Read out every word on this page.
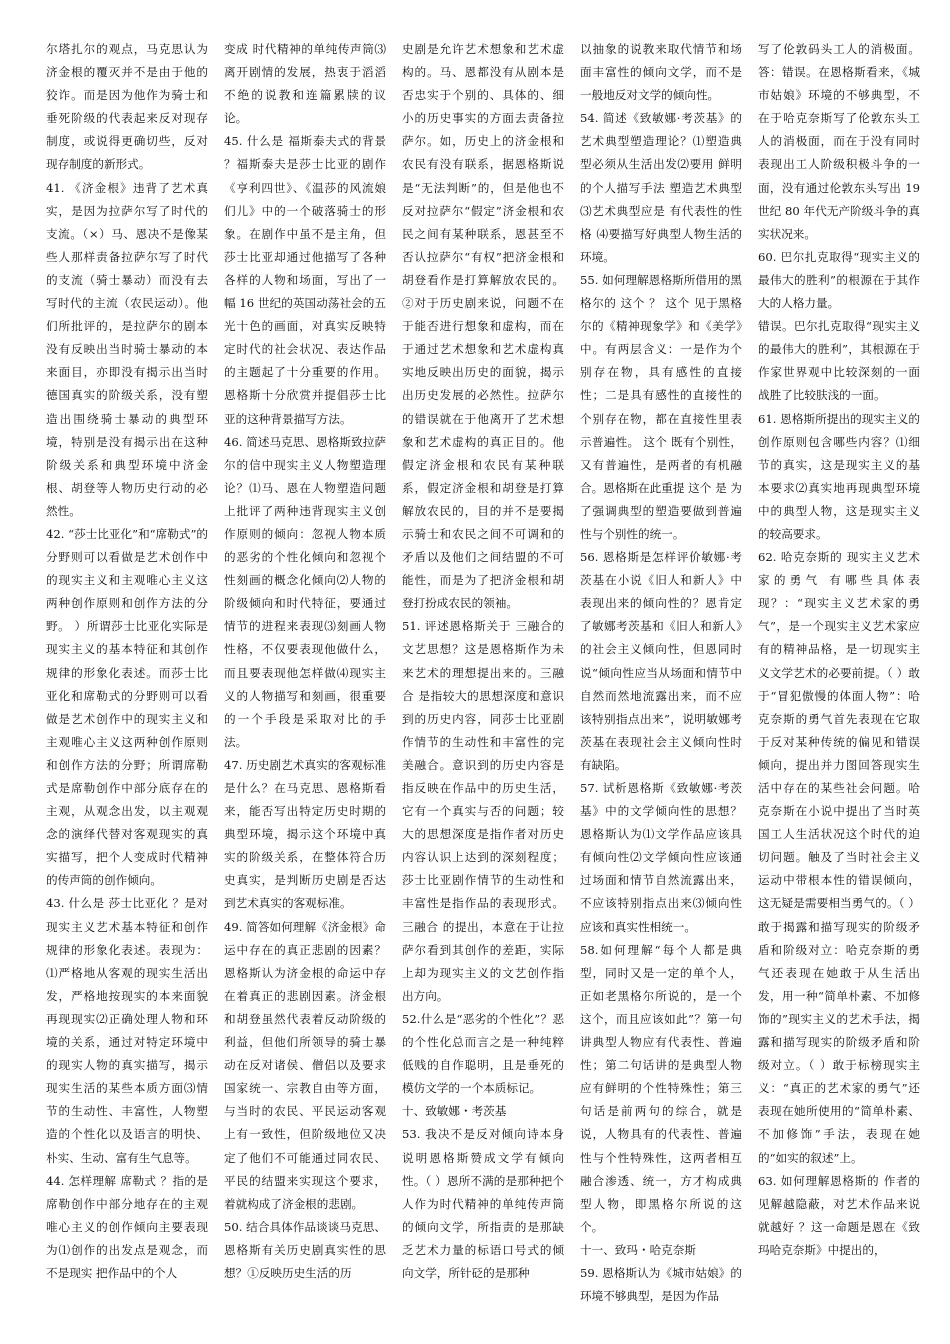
尔塔扎尔的观点，马克思认为济金根的覆灭并不是由于他的狡诈。而是因为他作为骑士和垂死阶级的代表起来反对现存制度，或说得更确切些，反对现存制度的新形式。

41. 《济金根》违背了艺术真实，是因为拉萨尔写了时代的支流。（×）马、恩决不是像某些人那样责备拉萨尔写了时代的支流（骑士暴动）而没有去写时代的主流（农民运动）。他们所批评的，是拉萨尔的剧本没有反映出当时骑士暴动的本来面目，亦即没有揭示出当时德国真实的阶级关系，没有塑造出围绕骑士暴动的典型环境，特别是没有揭示出在这种阶级关系和典型环境中济金根、胡登等人物历史行动的必然性。

42. “莎士比亚化”和“席勒式”的分野则可以看做是艺术创作中的现实主义和主观唯心主义这两种创作原则和创作方法的分野。 ）所谓莎士比亚化实际是现实主义的基本特征和其创作规律的形象化表述。而莎士比亚化和席勒式的分野则可以看做是艺术创作中的现实主义和主观唯心主义这两种创作原则和创作方法的分野；所谓席勒式是席勒创作中部分底存在的主观，从观念出发，以主观观念的演绎代替对客观现实的真实描写，把个人变成时代精神的传声筒的创作倾向。

43. 什么是 莎士比亚化 ？是对现实主义艺术基本特征和创作规律的形象化表述。表现为：⑴严格地从客观的现实生活出发，严格地按现实的本来面貌再现现实⑵正确处理人物和环境的关系，通过对特定环境中的现实人物的真实描写，揭示现实生活的某些本质方面⑶情节的生动性、丰富性，人物塑造的个性化以及语言的明快、朴实、生动、富有生气息等。

44. 怎样理解 席勒式 ？指的是席勒创作中部分地存在的主观唯心主义的创作倾向主要表现为⑴创作的出发点是观念，而不是现实 把作品中的个人

变成 时代精神的单纯传声筒⑶离开剧情的发展，热衷于滔滔不绝的说教和连篇累牍的议论。

45. 什么是 福斯泰夫式的背景 ？福斯泰夫是莎士比亚的剧作《亨利四世》、《温莎的风流娘们儿》中的一个破落骑士的形象。在剧作中虽不是主角，但莎士比亚却通过他描写了各种各样的人物和场面，写出了一幅 16 世纪的英国动荡社会的五光十色的画面，对真实反映特定时代的社会状况、表达作品的主题起了十分重要的作用。恩格斯十分欣赏并提倡莎士比亚的这种背景描写方法。

46. 简述马克思、恩格斯致拉萨尔的信中现实主义人物塑造理论？⑴马、恩在人物塑造问题上批评了两种违背现实主义创作原则的倾向：忽视人物本质的恶劣的个性化倾向和忽视个性刻画的概念化倾向⑵人物的阶级倾向和时代特征，要通过情节的进程来表现⑶刻画人物性格，不仅要表现他做什么，而且要表现他怎样做⑷现实主义的人物描写和刻画，很重要的一个手段是采取对比的手法。

47. 历史剧艺术真实的客观标准是什么？在马克思、恩格斯看来，能否写出特定历史时期的典型环境，揭示这个环境中真实的阶级关系，在整体符合历史真实，是判断历史剧是否达到艺术真实的客观标准。

49. 简答如何理解《济金根》命运中存在的真正悲剧的因素？恩格斯认为济金根的命运中存在着真正的悲剧因素。济金根和胡登虽然代表着反动阶级的利益，但他们所领导的骑士暴动在反对诸侯、僧侣以及要求国家统一、宗教自由等方面，与当时的农民、平民运动客观上有一致性，但阶级地位又决定了他们不可能通过同农民、平民的结盟来实现这个要求，着就构成了济金根的悲剧。

50. 结合具体作品谈谈马克思、恩格斯有关历史剧真实性的思想？①反映历史生活的历

史剧是允许艺术想象和艺术虚构的。马、恩都没有从剧本是否忠实于个别的、具体的、细小的历史事实的方面去责备拉萨尔。如，历史上的济金根和农民有没有联系，据恩格斯说是“无法判断”的，但是他也不反对拉萨尔“假定”济金根和农民之间有某种联系，恩甚至不否认拉萨尔“有权”把济金根和胡登看作是打算解放农民的。②对于历史剧来说，问题不在于能否进行想象和虚构，而在于通过艺术想象和艺术虚构真实地反映出历史的面貌，揭示出历史发展的必然性。拉萨尔的错误就在于他离开了艺术想象和艺术虚构的真正目的。他假定济金根和农民有某种联系，假定济金根和胡登是打算解放农民的，目的并不是要揭示骑士和农民之间不可调和的矛盾以及他们之间结盟的不可能性，而是为了把济金根和胡登打扮成农民的领袖。

51. 评述恩格斯关于 三融合的文艺思想？这是恩格斯作为未来艺术的理想提出来的。三融合 是指较大的思想深度和意识到的历史内容，同莎士比亚剧作情节的生动性和丰富性的完美融合。意识到的历史内容是指反映在作品中的历史生活，它有一个真实与否的问题；较大的思想深度是指作者对历史内容认识上达到的深刻程度；莎士比亚剧作情节的生动性和丰富性是指作品的表现形式。 三融合 的提出，本意在于让拉萨尔看到其创作的差距，实际上却为现实主义的文艺创作指出方向。

52.什么是“恶劣的个性化”？恶的个性化总而言之是一种纯粹低贱的自作聪明，且是垂死的模仿文学的一个本质标记。

十、致敏娜・考茨基

53. 我决不是反对倾向诗本身 说明恩格斯赞成文学有倾向性。（ ）恩所不满的是那种把个人作为时代精神的单纯传声筒的倾向文学，所指责的是那缺乏艺术力量的标语口号式的倾向文学，所针砭的是那种

以抽象的说教来取代情节和场面丰富性的倾向文学，而不是一般地反对文学的倾向性。

54. 简述《致敏娜·考茨基》的艺术典型塑造理论？⑴塑造典型必须从生活出发⑵要用 鲜明的个人描写手法 塑造艺术典型⑶艺术典型应是 有代表性的性格 ⑷要描写好典型人物生活的环境。

55. 如何理解恩格斯所借用的黑格尔的 这个 ？ 这个 见于黑格尔的《精神现象学》和《美学》中。有两层含义：一是作为个别存在物，具有感性的直接性；二是具有感性的直接性的个别存在物，都在直接性里表示普遍性。 这个 既有个别性，又有普遍性，是两者的有机融合。恩格斯在此重提 这个 是 为了强调典型的塑造要做到普遍性与个别性的统一。

56. 恩格斯是怎样评价敏娜·考茨基在小说《旧人和新人》中表现出来的倾向性的？恩肯定了敏娜考茨基和《旧人和新人》的社会主义倾向性，但恩同时说“倾向性应当从场面和情节中自然而然地流露出来，而不应该特别指点出来”，说明敏娜考茨基在表现社会主义倾向性时有缺陷。

57. 试析恩格斯《致敏娜·考茨基》中的文学倾向性的思想？恩格斯认为⑴文学作品应该具有倾向性⑵文学倾向性应该通过场面和情节自然流露出来，不应该特别指点出来⑶倾向性应该和真实性相统一。

58.如何理解“每个人都是典型，同时又是一定的单个人，正如老黑格尔所说的，是一个这个，而且应该如此”？第一句讲典型人物应有代表性、普遍性；第二句话讲的是典型人物应有鲜明的个性特殊性；第三句话是前两句的综合，就是说，人物具有的代表性、普遍性与个性特殊性，这两者相互融合渗透、统一，方才构成典型人物，即黑格尔所说的这个。

十一、致玛・哈克奈斯

59. 恩格斯认为《城市姑娘》的环境不够典型，是因为作品

写了伦敦码头工人的消极面。答：错误。在恩格斯看来，《城市姑娘》环境的不够典型，不在于哈克奈斯写了伦敦东头工人的消极面，而在于没有同时表现出工人阶级积极斗争的一面，没有通过伦敦东头写出 19 世纪 80 年代无产阶级斗争的真实状况来。

60. 巴尔扎克取得“现实主义的最伟大的胜利”的根源在于其作大的人格力量。

错误。巴尔扎克取得“现实主义的最伟大的胜利”，其根源在于作家世界观中比较深刻的一面战胜了比较肤浅的一面。

61. 恩格斯所提出的现实主义的创作原则包含哪些内容？⑴细节的真实，这是现实主义的基本要求⑵真实地再现典型环境中的典型人物，这是现实主义的较高要求。

62. 哈克奈斯的 现实主义艺术家的勇气 有哪些具体表现？：“现实主义艺术家的勇气”，是一个现实主义艺术家应有的精神品格，是一切现实主义文学艺术的必要前提。（ ）敢于“冒犯傲慢的体面人物”：哈克奈斯的勇气首先表现在它取于反对某种传统的偏见和错误倾向，提出并力图回答现实生活中存在的某些社会问题。哈克奈斯在小说中提出了当时英国工人生活状况这个时代的迫切问题。触及了当时社会主义运动中带根本性的错误倾向，这无疑是需要相当勇气的。（ ）敢于揭露和描写现实的阶级矛盾和阶级对立：哈克奈斯的勇气还表现在她敢于从生活出发，用一种“简单朴素、不加修饰的”现实主义的艺术手法，揭露和描写现实的阶级矛盾和阶级对立。（ ）敢于标榜现实主义：“真正的艺术家的勇气”还表现在她所使用的“简单朴素、不加修饰”手法，表现在她的“如实的叙述”上。

63. 如何理解恩格斯的 作者的见解越隐蔽，对艺术作品来说就越好 ？这一命题是恩在《致玛哈克奈斯》中提出的，
